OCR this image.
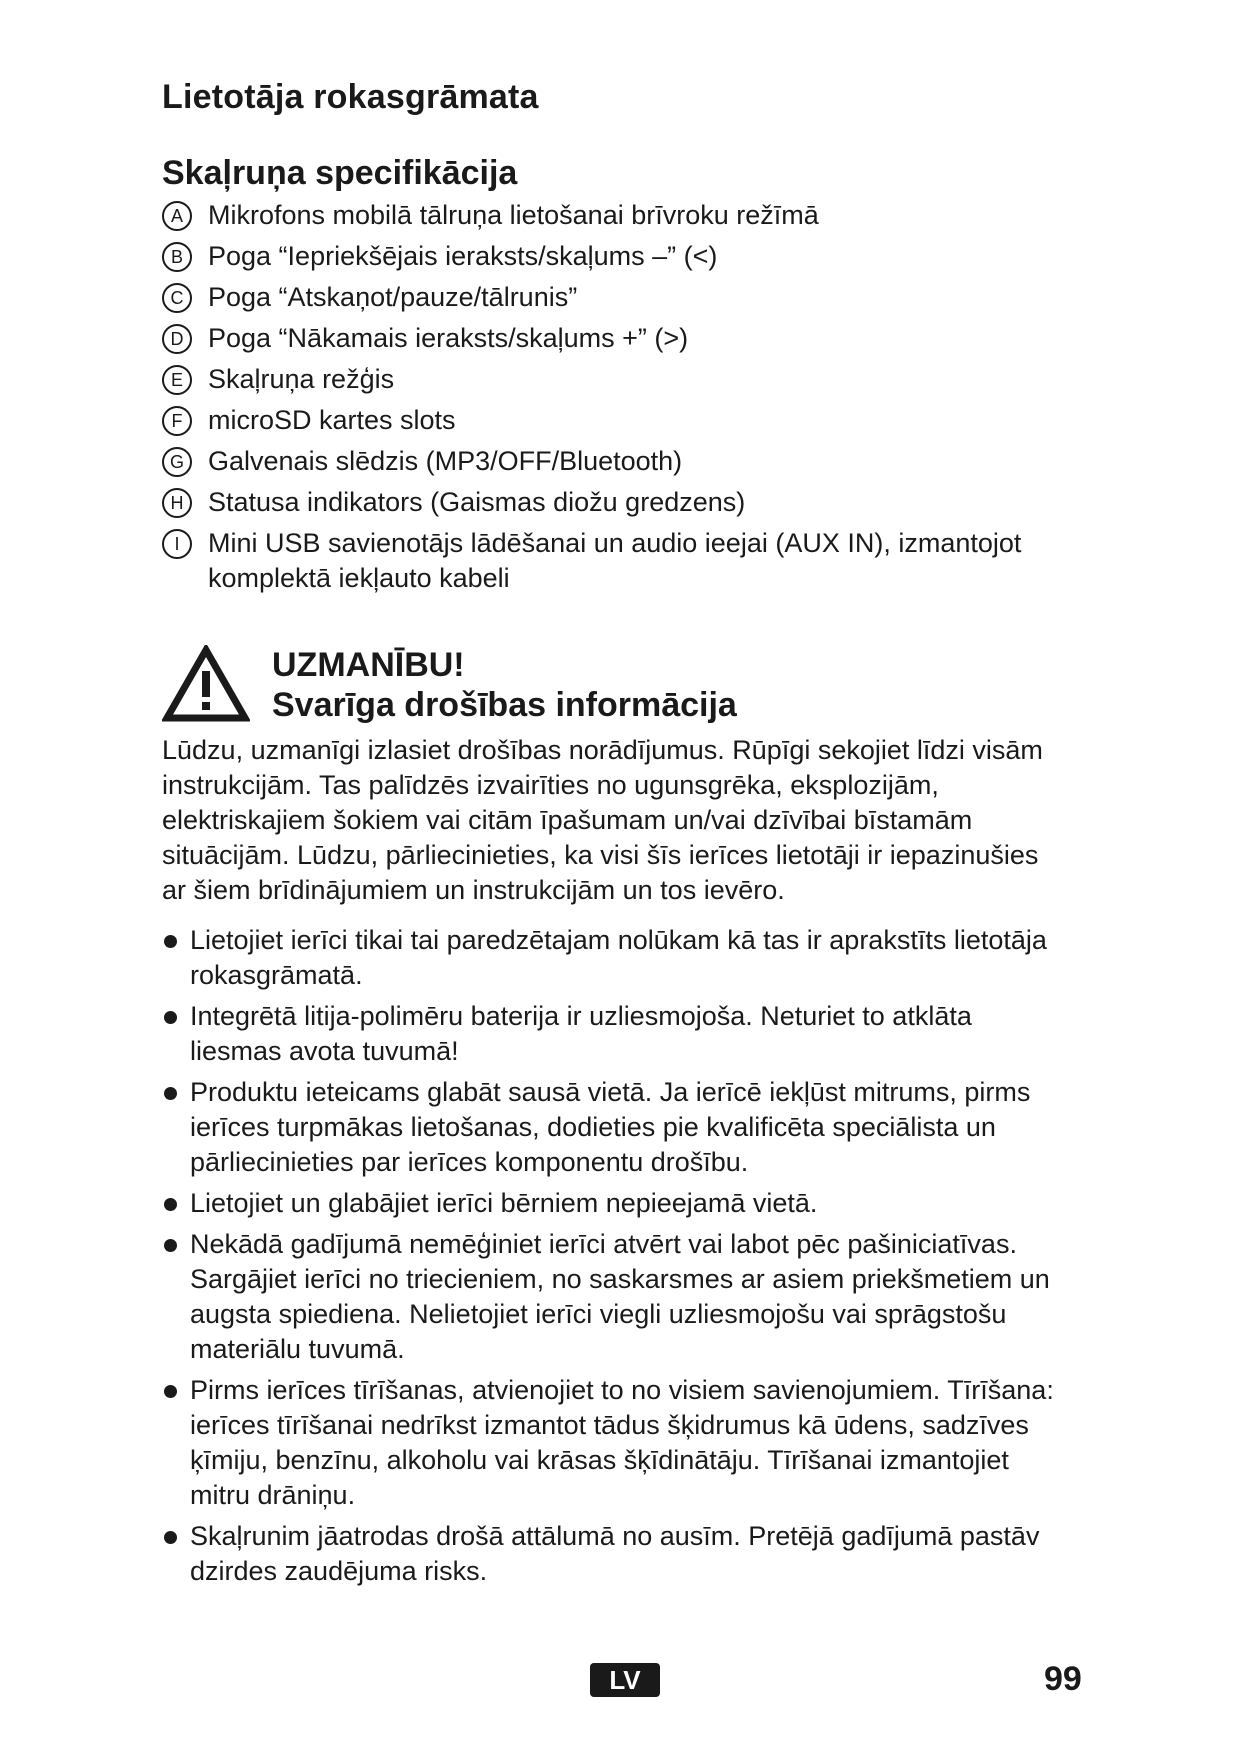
Lietotāja rokasgrāmata
Skaļruņa specifikācija
A Mikrofons mobilā tālruņa lietošanai brīvroku režīmā
B Poga “Iepriekšējais ieraksts/skaļums –” (<)
C Poga “Atskaņot/pauze/tālrunis”
D Poga “Nākamais ieraksts/skaļums +” (>)
E Skaļruņa režģis
F microSD kartes slots
G Galvenais slēdzis (MP3/OFF/Bluetooth)
H Statusa indikators (Gaismas diožu gredzens)
I	Mini USB savienotājs lādēšanai un audio ieejai (AUX IN), izmantojot komplektā iekļauto kabeli
UZMANĪBU!
Svarīga drošības informācija

Lūdzu, uzmanīgi izlasiet drošības norādījumus. Rūpīgi sekojiet līdzi visām instrukcijām. Tas palīdzēs izvairīties no ugunsgrēka, eksplozijām, elektriskajiem šokiem vai citām īpašumam un/vai dzīvībai bīstamām situācijām. Lūdzu, pārliecinieties, ka visi šīs ierīces lietotāji ir iepazinušies ar šiem brīdinājumiem un instrukcijām un tos ievēro.

Lietojiet ierīci tikai tai paredzētajam nolūkam kā tas ir aprakstīts lietotāja rokasgrāmatā.
Integrētā litija-polimēru baterija ir uzliesmojoša. Neturiet to atklāta liesmas avota tuvumā!
Produktu ieteicams glabāt sausā vietā. Ja ierīcē iekļūst mitrums, pirms ierīces turpmākas lietošanas, dodieties pie kvalificēta speciālista un pārliecinieties par ierīces komponentu drošību.
Lietojiet un glabājiet ierīci bērniem nepieejamā vietā.
Nekādā gadījumā nemēģiniet ierīci atvērt vai labot pēc pašiniciatīvas. Sargājiet ierīci no triecieniem, no saskarsmes ar asiem priekšmetiem un augsta spiediena. Nelietojiet ierīci viegli uzliesmojošu vai sprāgstošu materiālu tuvumā.
Pirms ierīces tīrīšanas, atvienojiet to no visiem savienojumiem. Tīrīšana: ierīces tīrīšanai nedrīkst izmantot tādus šķidrumus kā ūdens, sadzīves ķīmiju, benzīnu, alkoholu vai krāsas šķīdinātāju. Tīrīšanai izmantojiet mitru drāniņu.
Skaļrunim jāatrodas drošā attālumā no ausīm. Pretējā gadījumā pastāv dzirdes zaudējuma risks.
LV	99
